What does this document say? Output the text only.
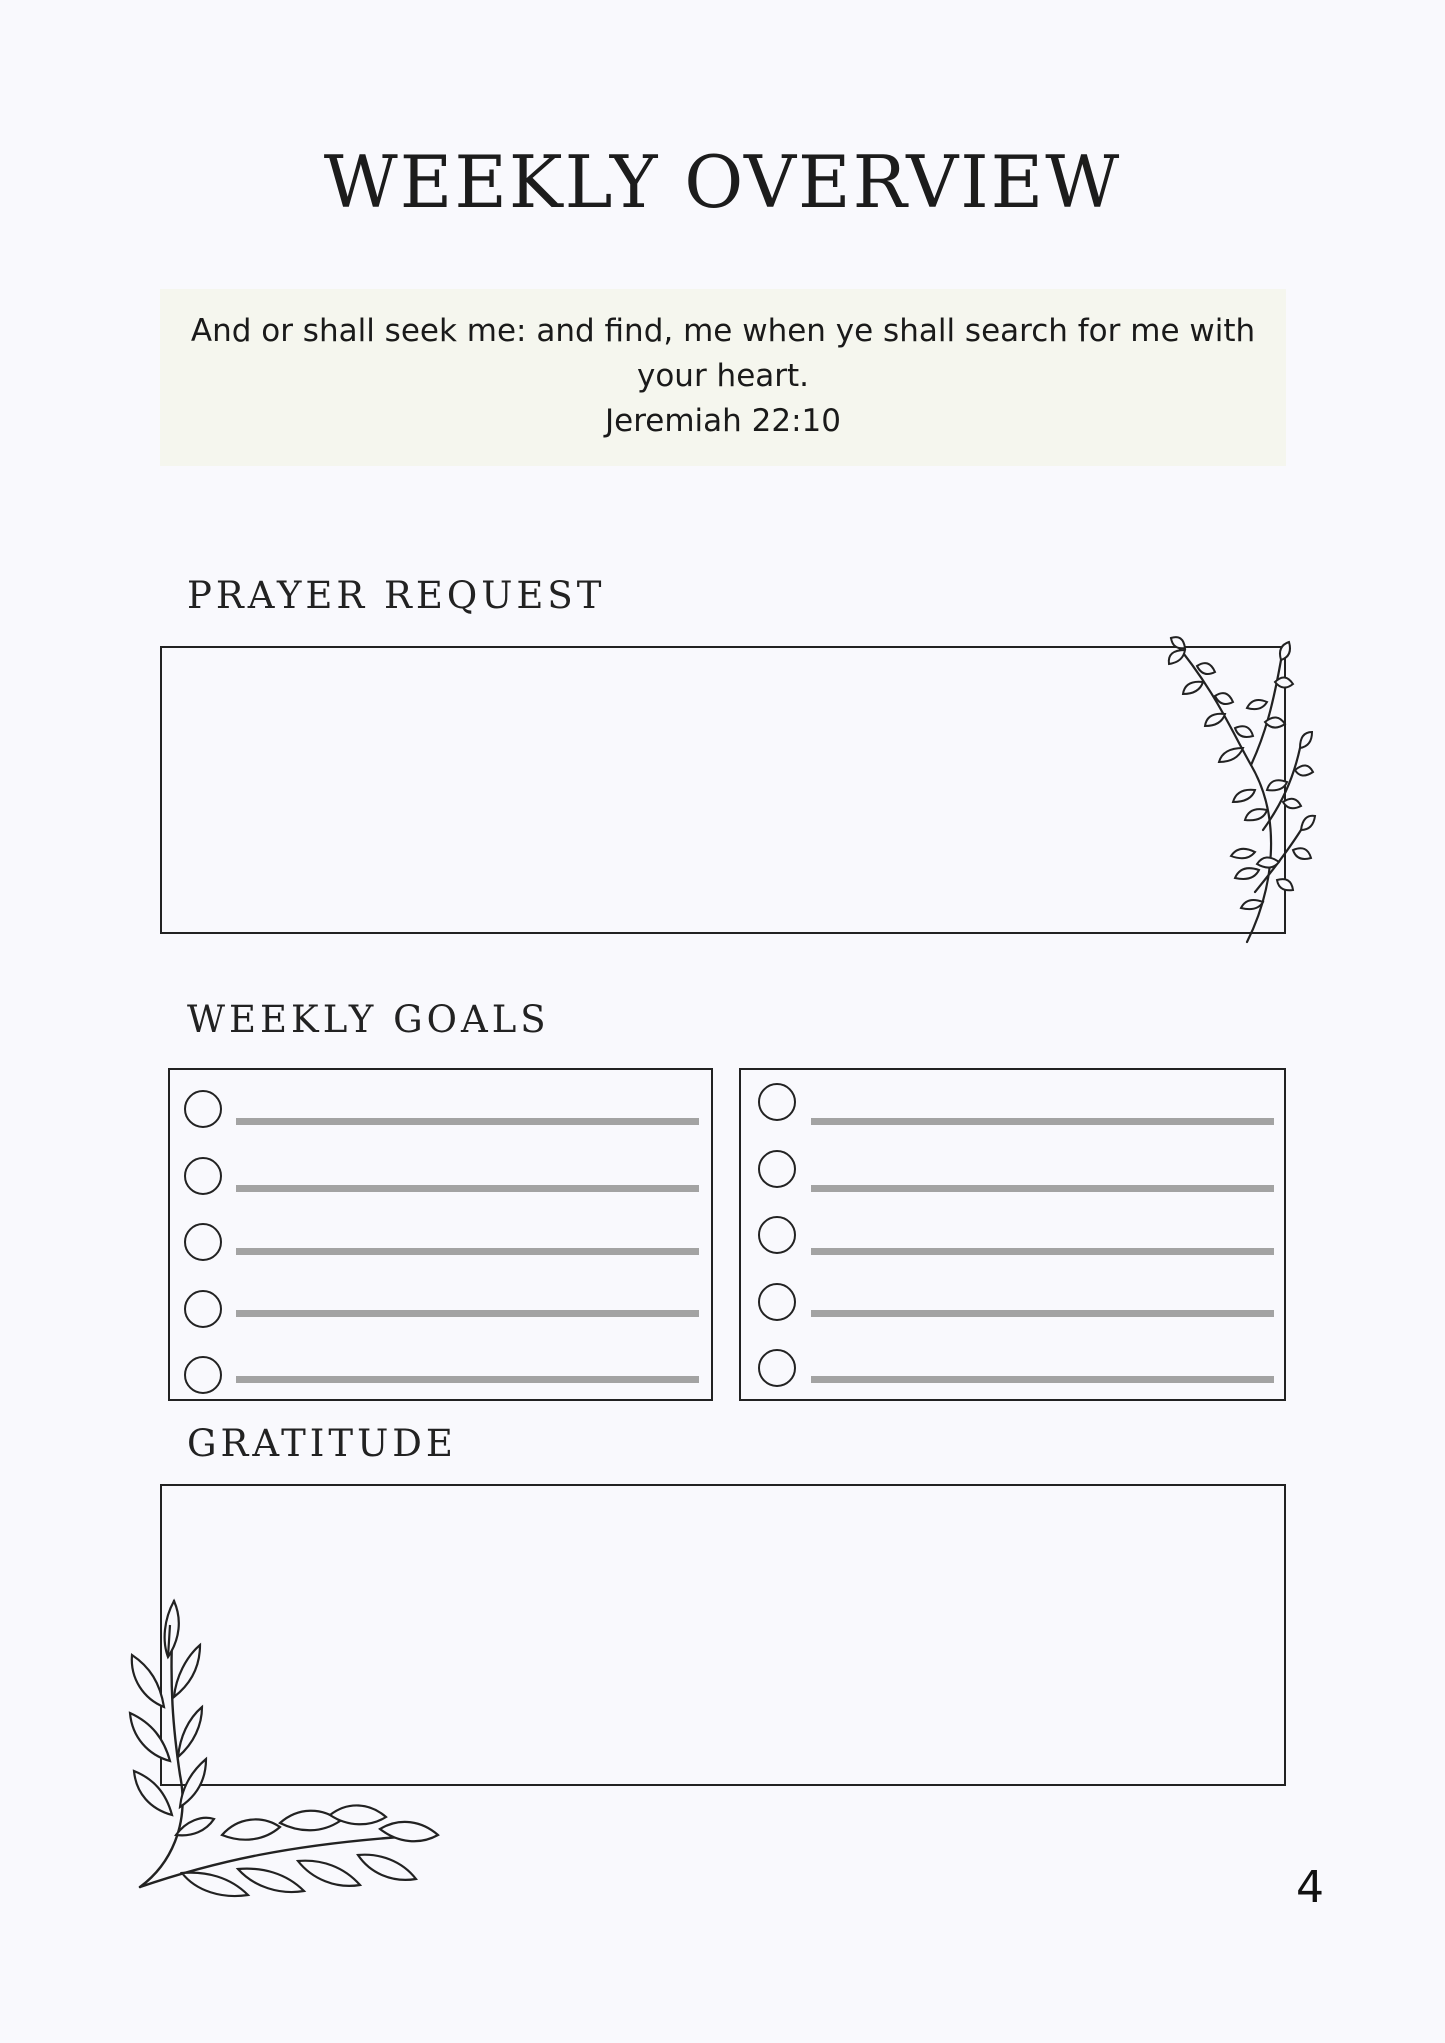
WEEKLY OVERVIEW
And or shall seek me: and find, me when ye shall search for me with your heart.
Jeremiah 22:10
PRAYER REQUEST
WEEKLY GOALS
GRATITUDE
4
